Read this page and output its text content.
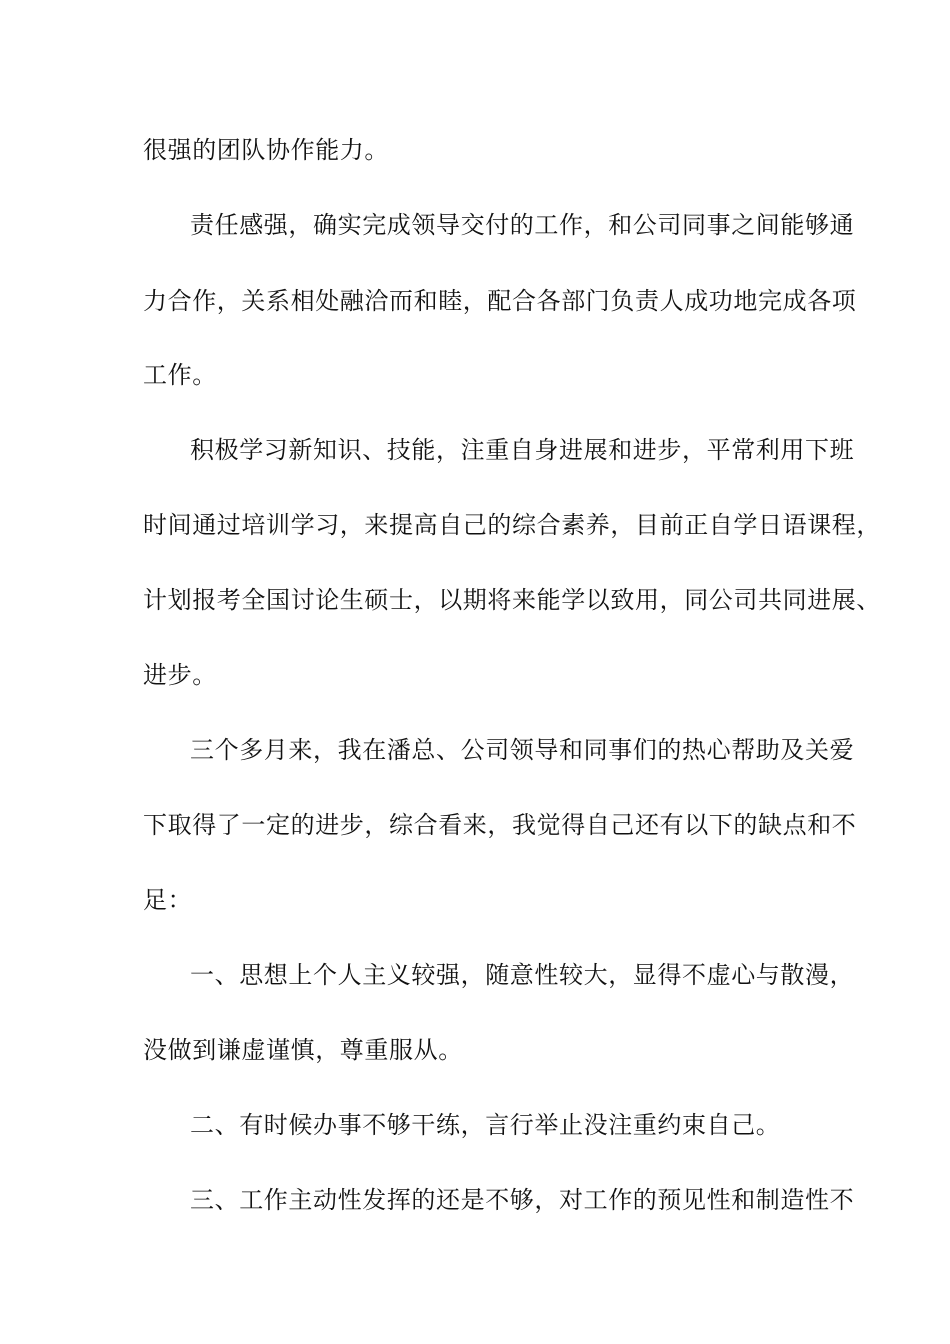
很强的团队协作能力。
责任感强，确实完成领导交付的工作，和公司同事之间能够通
力合作，关系相处融洽而和睦，配合各部门负责人成功地完成各项
工作。
积极学习新知识、技能，注重自身进展和进步，平常利用下班
时间通过培训学习，来提高自己的综合素养，目前正自学日语课程，
计划报考全国讨论生硕士，以期将来能学以致用，同公司共同进展、
进步。
三个多月来，我在潘总、公司领导和同事们的热心帮助及关爱
下取得了一定的进步，综合看来，我觉得自己还有以下的缺点和不
足：
一、思想上个人主义较强，随意性较大，显得不虚心与散漫，
没做到谦虚谨慎，尊重服从。
二、有时候办事不够干练，言行举止没注重约束自己。
三、工作主动性发挥的还是不够，对工作的预见性和制造性不
